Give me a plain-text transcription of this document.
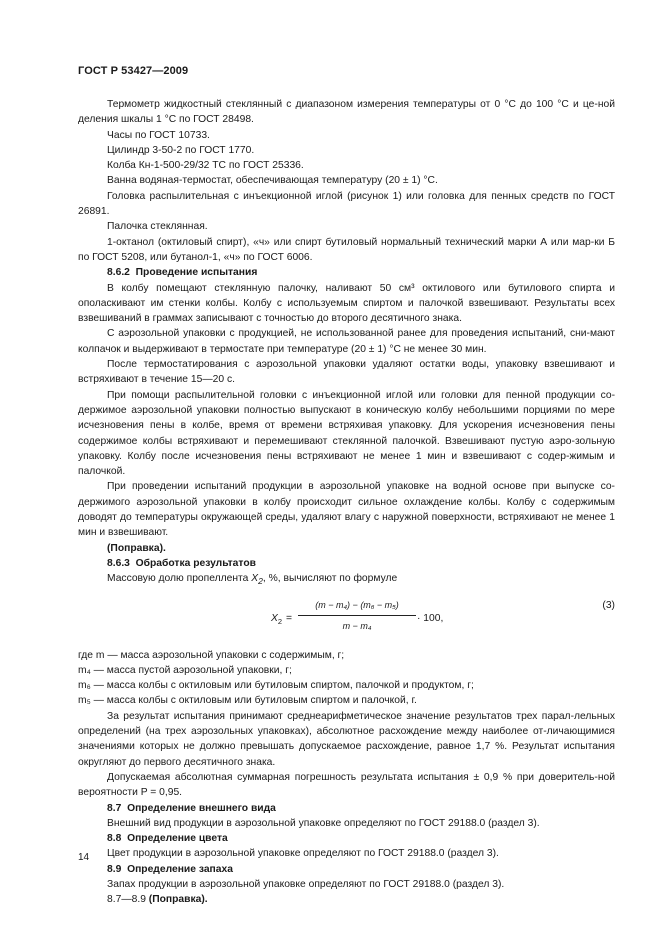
ГОСТ Р 53427—2009

Термометр жидкостный стеклянный с диапазоном измерения температуры от 0 °C до 100 °C и це-ной деления шкалы 1 °C по ГОСТ 28498.

Часы по ГОСТ 10733.

Цилиндр 3-50-2 по ГОСТ 1770.

Колба Кн-1-500-29/32 ТС по ГОСТ 25336.

Ванна водяная-термостат, обеспечивающая температуру (20 ± 1) °C.

Головка распылительная с инъекционной иглой (рисунок 1) или головка для пенных средств по ГОСТ 26891.

Палочка стеклянная.

1-октанол (октиловый спирт), «ч» или спирт бутиловый нормальный технический марки А или мар-ки Б по ГОСТ 5208, или бутанол-1, «ч» по ГОСТ 6006.

8.6.2 Проведение испытания

В колбу помещают стеклянную палочку, наливают 50 см³ октилового или бутилового спирта и ополаскивают им стенки колбы. Колбу с используемым спиртом и палочкой взвешивают. Результаты всех взвешиваний в граммах записывают с точностью до второго десятичного знака.

С аэрозольной упаковки с продукцией, не использованной ранее для проведения испытаний, сни-мают колпачок и выдерживают в термостате при температуре (20 ± 1) °C не менее 30 мин.

После термостатирования с аэрозольной упаковки удаляют остатки воды, упаковку взвешивают и встряхивают в течение 15—20 с.

При помощи распылительной головки с инъекционной иглой или головки для пенной продукции со-держимое аэрозольной упаковки полностью выпускают в коническую колбу небольшими порциями по мере исчезновения пены в колбе, время от времени встряхивая упаковку. Для ускорения исчезновения пены содержимое колбы встряхивают и перемешивают стеклянной палочкой. Взвешивают пустую аэро-зольную упаковку. Колбу после исчезновения пены встряхивают не менее 1 мин и взвешивают с содер-жимым и палочкой.

При проведении испытаний продукции в аэрозольной упаковке на водной основе при выпуске со-держимого аэрозольной упаковки в колбу происходит сильное охлаждение колбы. Колбу с содержимым доводят до температуры окружающей среды, удаляют влагу с наружной поверхности, встряхивают не менее 1 мин и взвешивают.

(Поправка).

8.6.3 Обработка результатов

Массовую долю пропеллента $X_2$, %, вычисляют по формуле

$X_2 = \frac{\text{(m − m₄) − (m₆ − m₅)}}{\text{m − m₄}} \cdot 100$,
(3)

где m — масса аэрозольной упаковки с содержимым, г;

m₄ — масса пустой аэрозольной упаковки, г;

m₆ — масса колбы с октиловым или бутиловым спиртом, палочкой и продуктом, г;

m₅ — масса колбы с октиловым или бутиловым спиртом и палочкой, г.

За результат испытания принимают среднеарифметическое значение результатов трех парал-лельных определений (на трех аэрозольных упаковках), абсолютное расхождение между наиболее от-личающимися значениями которых не должно превышать допускаемое расхождение, равное 1,7 %. Результат испытания округляют до первого десятичного знака.

Допускаемая абсолютная суммарная погрешность результата испытания ± 0,9 % при доверитель-ной вероятности P = 0,95.

8.7 Определение внешнего вида

Внешний вид продукции в аэрозольной упаковке определяют по ГОСТ 29188.0 (раздел 3).

8.8 Определение цвета

Цвет продукции в аэрозольной упаковке определяют по ГОСТ 29188.0 (раздел 3).

8.9 Определение запаха

Запах продукции в аэрозольной упаковке определяют по ГОСТ 29188.0 (раздел 3).

8.7—8.9 (Поправка).

14
